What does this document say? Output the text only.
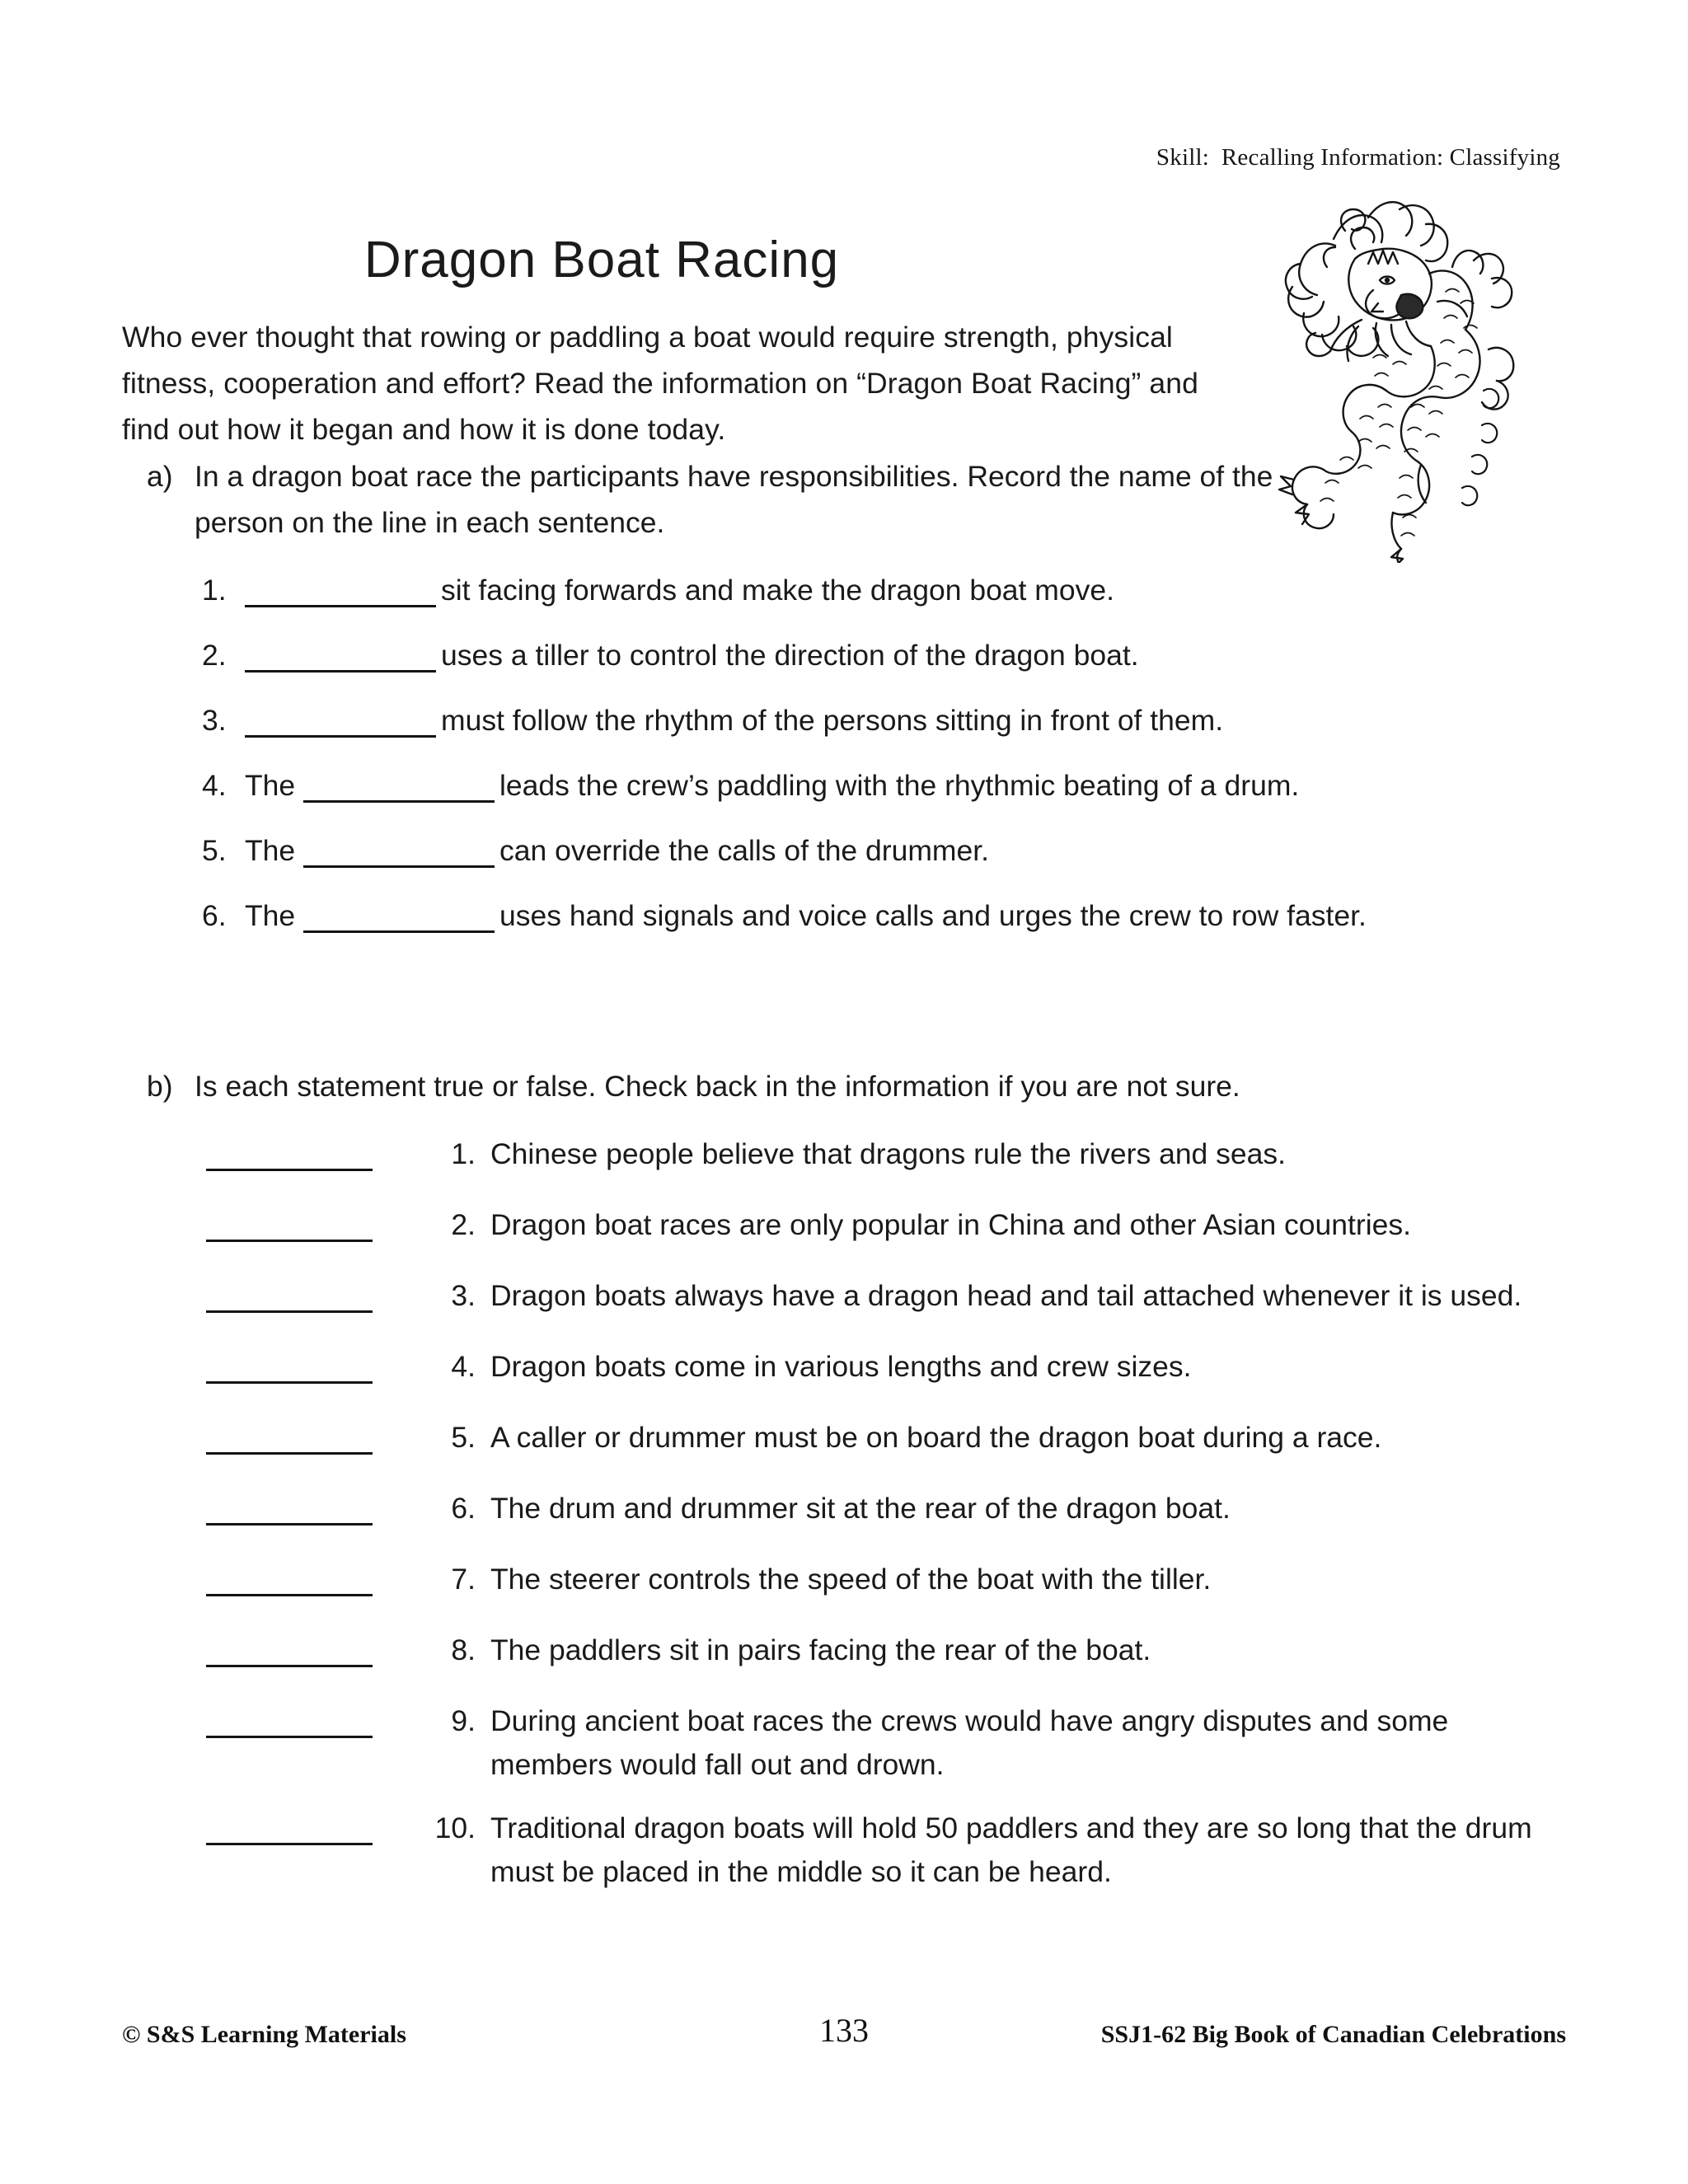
Skill:  Recalling Information: Classifying
Dragon Boat Racing

Who ever thought that rowing or paddling a boat would require strength, physical fitness, cooperation and effort? Read the information on “Dragon Boat Racing” and find out how it began and how it is done today.

a) In a dragon boat race the participants have responsibilities. Record the name of the person on the line in each sentence.
1.	sit facing forwards and make the dragon boat move.
2.	uses a tiller to control the direction of the dragon boat.
3.	must follow the rhythm of the persons sitting in front of them.
4. The	leads the crew’s paddling with the rhythmic beating of a drum.
5. The	can override the calls of the drummer.
6. The	uses hand signals and voice calls and urges the crew to row faster.
b) Is each statement true or false. Check back in the information if you are not sure.
1. Chinese people believe that dragons rule the rivers and seas.
2. Dragon boat races are only popular in China and other Asian countries.
3. Dragon boats always have a dragon head and tail attached whenever it is used.
4. Dragon boats come in various lengths and crew sizes.
5. A caller or drummer must be on board the dragon boat during a race.
6. The drum and drummer sit at the rear of the dragon boat.
7. The steerer controls the speed of the boat with the tiller.
8. The paddlers sit in pairs facing the rear of the boat.
9. During ancient boat races the crews would have angry disputes and some members would fall out and drown.
10. Traditional dragon boats will hold 50 paddlers and they are so long that the drum must be placed in the middle so it can be heard.
© S&S Learning Materials	133	SSJ1-62 Big Book of Canadian Celebrations
